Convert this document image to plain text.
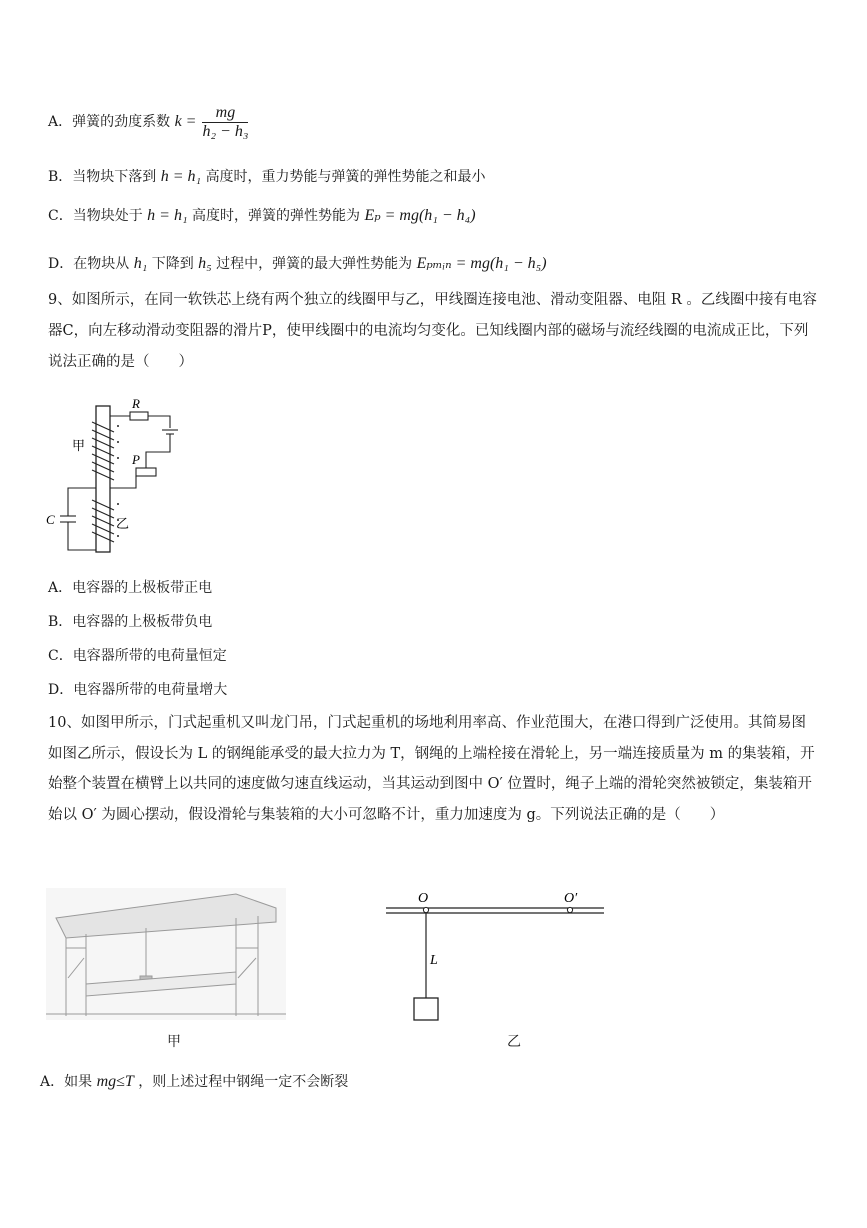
A．弹簧的劲度系数 $k = \frac{mg}{\text{h₂ − h₃}}$
B．当物块下落到 h = h₁ 高度时，重力势能与弹簧的弹性势能之和最小
C．当物块处于 h = h₁ 高度时，弹簧的弹性势能为 Eₚ = mg(h₁ − h₄)
D．在物块从 h₁ 下降到 h₅ 过程中，弹簧的最大弹性势能为 Eₚₘᵢₙ = mg(h₁ − h₅)
9、如图所示，在同一软铁芯上绕有两个独立的线圈甲与乙，甲线圈连接电池、滑动变阻器、电阻 R 。乙线圈中接有电容器C，向左移动滑动变阻器的滑片P，使甲线圈中的电流均匀变化。已知线圈内部的磁场与流经线圈的电流成正比，下列说法正确的是（　　）
R
P
C
甲
乙
A．电容器的上极板带正电
B．电容器的上极板带负电
C．电容器所带的电荷量恒定
D．电容器所带的电荷量增大
10、如图甲所示，门式起重机又叫龙门吊，门式起重机的场地利用率高、作业范围大，在港口得到广泛使用。其简易图如图乙所示，假设长为 L 的钢绳能承受的最大拉力为 T，钢绳的上端栓接在滑轮上，另一端连接质量为 m 的集装箱，开始整个装置在横臂上以共同的速度做匀速直线运动，当其运动到图中 O′ 位置时，绳子上端的滑轮突然被锁定，集装箱开始以 O′ 为圆心摆动，假设滑轮与集装箱的大小可忽略不计，重力加速度为 g。下列说法正确的是（　　）
甲
O	O′
L
乙
A．如果 mg≤T ，则上述过程中钢绳一定不会断裂
